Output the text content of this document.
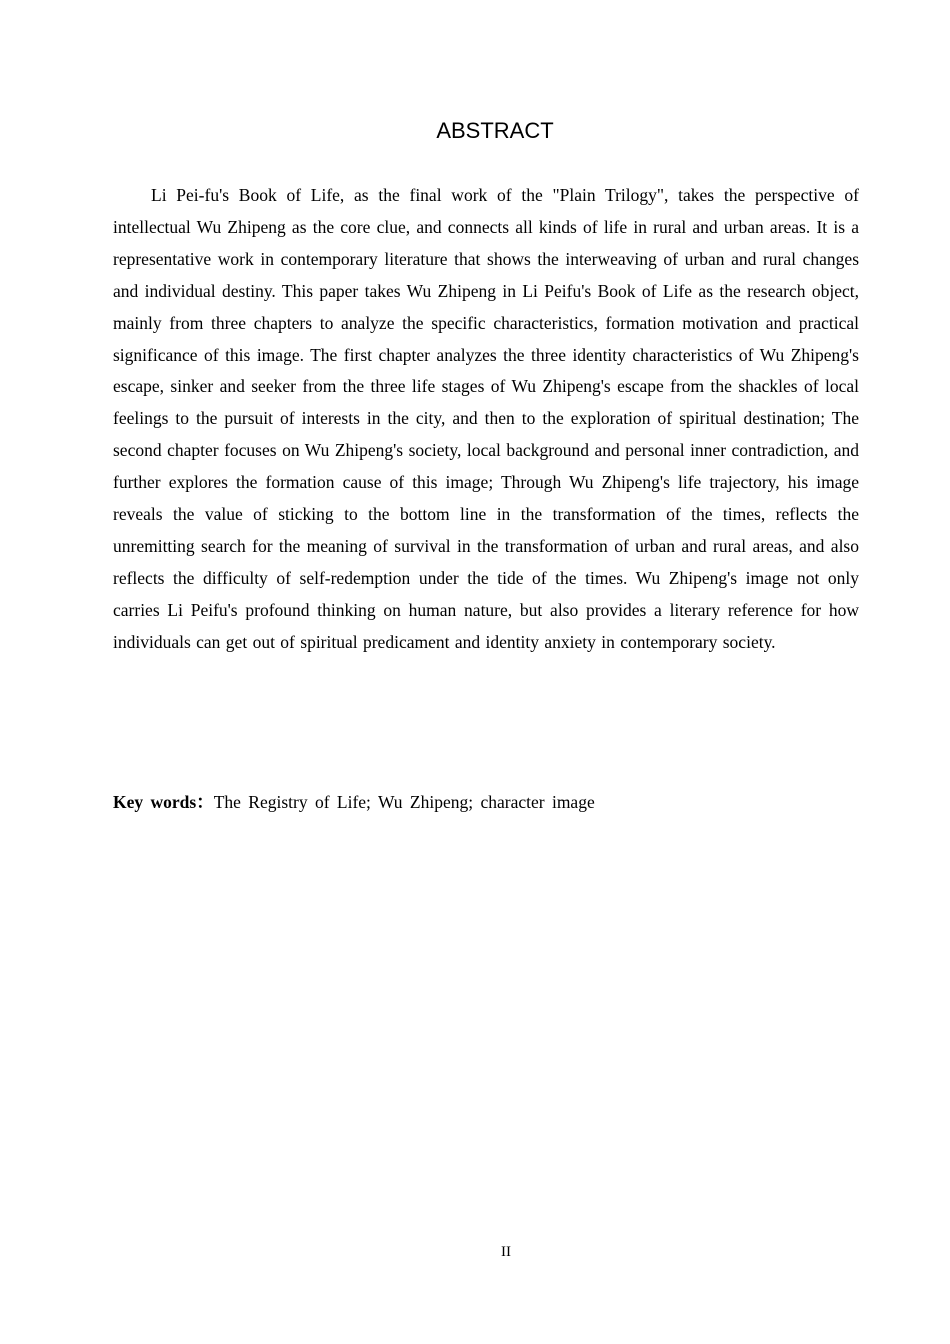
ABSTRACT

Li Pei-fu's Book of Life, as the final work of the "Plain Trilogy", takes the perspective of intellectual Wu Zhipeng as the core clue, and connects all kinds of life in rural and urban areas. It is a representative work in contemporary literature that shows the interweaving of urban and rural changes and individual destiny. This paper takes Wu Zhipeng in Li Peifu's Book of Life as the research object, mainly from three chapters to analyze the specific characteristics, formation motivation and practical significance of this image. The first chapter analyzes the three identity characteristics of Wu Zhipeng's escape, sinker and seeker from the three life stages of Wu Zhipeng's escape from the shackles of local feelings to the pursuit of interests in the city, and then to the exploration of spiritual destination; The second chapter focuses on Wu Zhipeng's society, local background and personal inner contradiction, and further explores the formation cause of this image; Through Wu Zhipeng's life trajectory, his image reveals the value of sticking to the bottom line in the transformation of the times, reflects the unremitting search for the meaning of survival in the transformation of urban and rural areas, and also reflects the difficulty of self-redemption under the tide of the times. Wu Zhipeng's image not only carries Li Peifu's profound thinking on human nature, but also provides a literary reference for how individuals can get out of spiritual predicament and identity anxiety in contemporary society.

Key words：The Registry of Life; Wu Zhipeng; character image

II
